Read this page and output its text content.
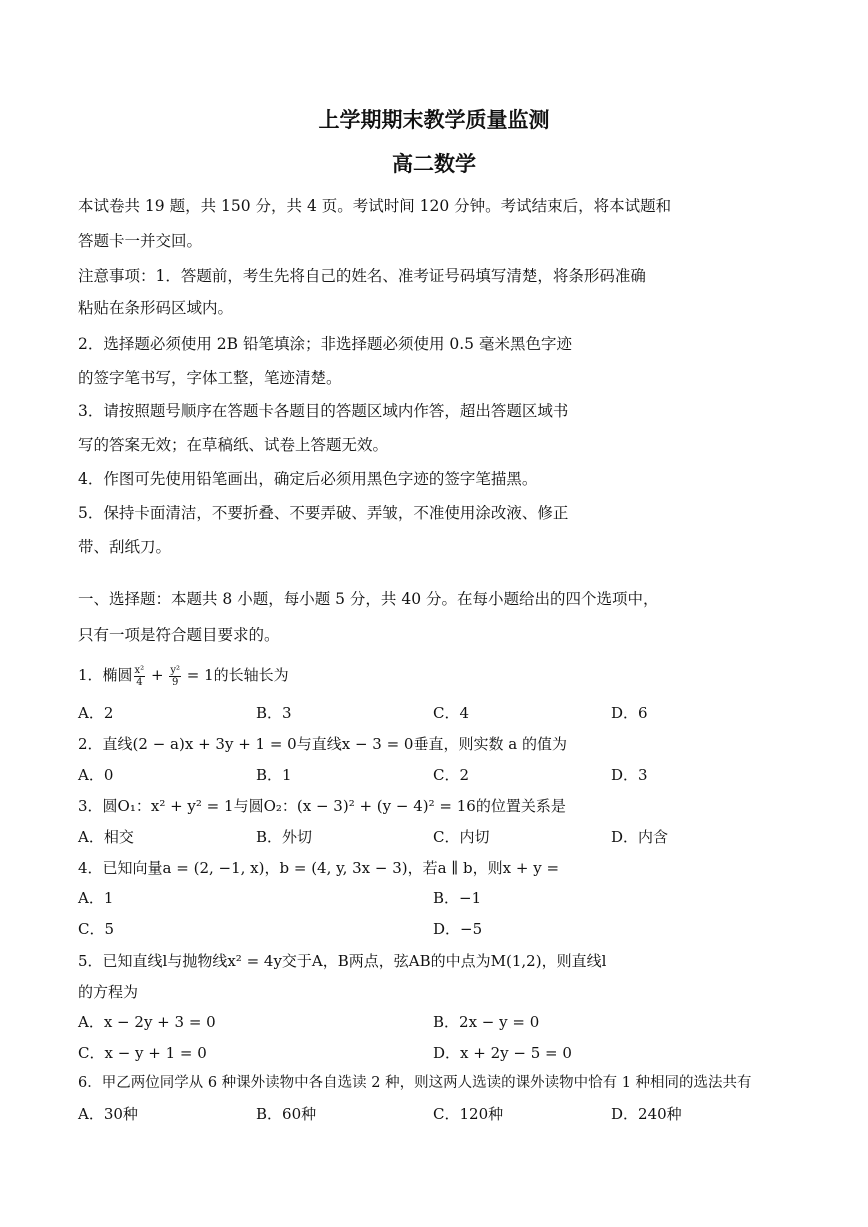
上学期期末教学质量监测
高二数学
本试卷共 19 题，共 150 分，共 4 页。考试时间 120 分钟。考试结束后，将本试题和
答题卡一并交回。
注意事项：1．答题前，考生先将自己的姓名、准考证号码填写清楚，将条形码准确
粘贴在条形码区域内。
2．选择题必须使用 2B 铅笔填涂；非选择题必须使用 0.5 毫米黑色字迹
的签字笔书写，字体工整，笔迹清楚。
3．请按照题号顺序在答题卡各题目的答题区域内作答，超出答题区域书
写的答案无效；在草稿纸、试卷上答题无效。
4．作图可先使用铅笔画出，确定后必须用黑色字迹的签字笔描黑。
5．保持卡面清洁，不要折叠、不要弄破、弄皱，不准使用涂改液、修正
带、刮纸刀。
一、选择题：本题共 8 小题，每小题 5 分，共 40 分。在每小题给出的四个选项中，
只有一项是符合题目要求的。
1．椭圆 $\frac{\text{x²}}{4} + \frac{\text{y²}}{9} = 1$的长轴长为
A．2	B．3	C．4	D．6
2．直线(2 − a)x + 3y + 1 = 0与直线x − 3 = 0垂直，则实数 a 的值为
A．0	B．1	C．2	D．3
3．圆O₁：x² + y² = 1与圆O₂：(x − 3)² + (y − 4)² = 16的位置关系是
A．相交	B．外切	C．内切	D．内含
4．已知向量a = (2, −1, x)，b = (4, y, 3x − 3)，若a ∥ b，则x + y =
A．1	B．−1
C．5	D．−5
5．已知直线l与抛物线x² = 4y交于A，B两点，弦AB的中点为M(1,2)，则直线l
的方程为
A．x − 2y + 3 = 0	B．2x − y = 0
C．x − y + 1 = 0	D．x + 2y − 5 = 0
6．甲乙两位同学从 6 种课外读物中各自选读 2 种，则这两人选读的课外读物中恰有 1 种相同的选法共有
A．30种	B．60种	C．120种	D．240种
